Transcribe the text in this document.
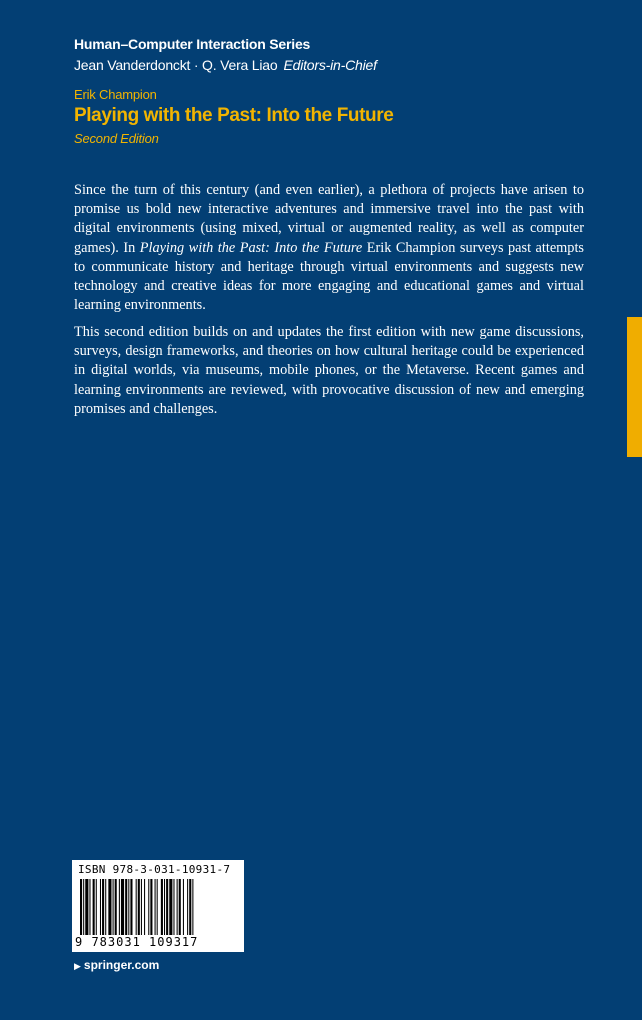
Human–Computer Interaction Series
Jean Vanderdonckt · Q. Vera Liao Editors-in-Chief
Erik Champion
Playing with the Past: Into the Future
Second Edition

Since the turn of this century (and even earlier), a plethora of projects have arisen to promise us bold new interactive adventures and immersive travel into the past with digital environments (using mixed, virtual or augmented reality, as well as computer games). In Playing with the Past: Into the Future Erik Champion surveys past attempts to communicate history and heritage through virtual environments and suggests new technology and creative ideas for more engaging and educational games and virtual learning environments.

This second edition builds on and updates the first edition with new game discussions, surveys, design frameworks, and theories on how cultural heritage could be experienced in digital worlds, via museums, mobile phones, or the Metaverse. Recent games and learning environments are reviewed, with provocative discussion of new and emerging promises and challenges.

ISBN 978-3-031-10931-7
9 783031 109317
▶ springer.com
